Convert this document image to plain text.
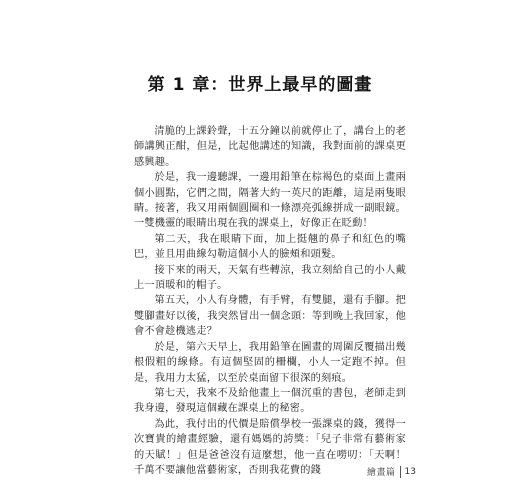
第 1 章：世界上最早的圖畫

清脆的上課鈴聲，十五分鐘以前就停止了，講台上的老師講興正酣，但是，比起他講述的知識，我對面前的課桌更感興趣。

於是，我一邊聽課，一邊用鉛筆在棕褐色的桌面上畫兩個小圓點，它們之間，隔著大約一英尺的距離，這是兩隻眼睛。接著，我又用兩個圓圈和一條漂亮弧線拼成一副眼鏡。一雙機靈的眼睛出現在我的課桌上，好像正在眨動！

第二天，我在眼睛下面，加上挺翹的鼻子和紅色的嘴巴，並且用曲線勾勒這個小人的臉頰和頭髮。

接下來的兩天，天氣有些轉涼，我立刻給自己的小人戴上一頂暖和的帽子。

第五天，小人有身體，有手臂，有雙腿，還有手腳。把雙腳畫好以後，我突然冒出一個念頭：等到晚上我回家，他會不會趁機逃走？

於是，第六天早上，我用鉛筆在圖畫的周圍反覆描出幾根假粗的線條。有這個堅固的柵欄，小人一定跑不掉。但是，我用力太猛，以至於桌面留下很深的刻痕。

第七天，我來不及給他畫上一個沉重的書包，老師走到我身邊，發現這個藏在課桌上的秘密。

為此，我付出的代價是賠償學校一張課桌的錢，獲得一次寶貴的繪畫經驗，還有媽媽的誇獎：「兒子非常有藝術家的天賦！」但是爸爸沒有這麼想，他一直在嘮叨：「天啊！千萬不要讓他當藝術家，否則我花費的錢	繪畫篇 13
